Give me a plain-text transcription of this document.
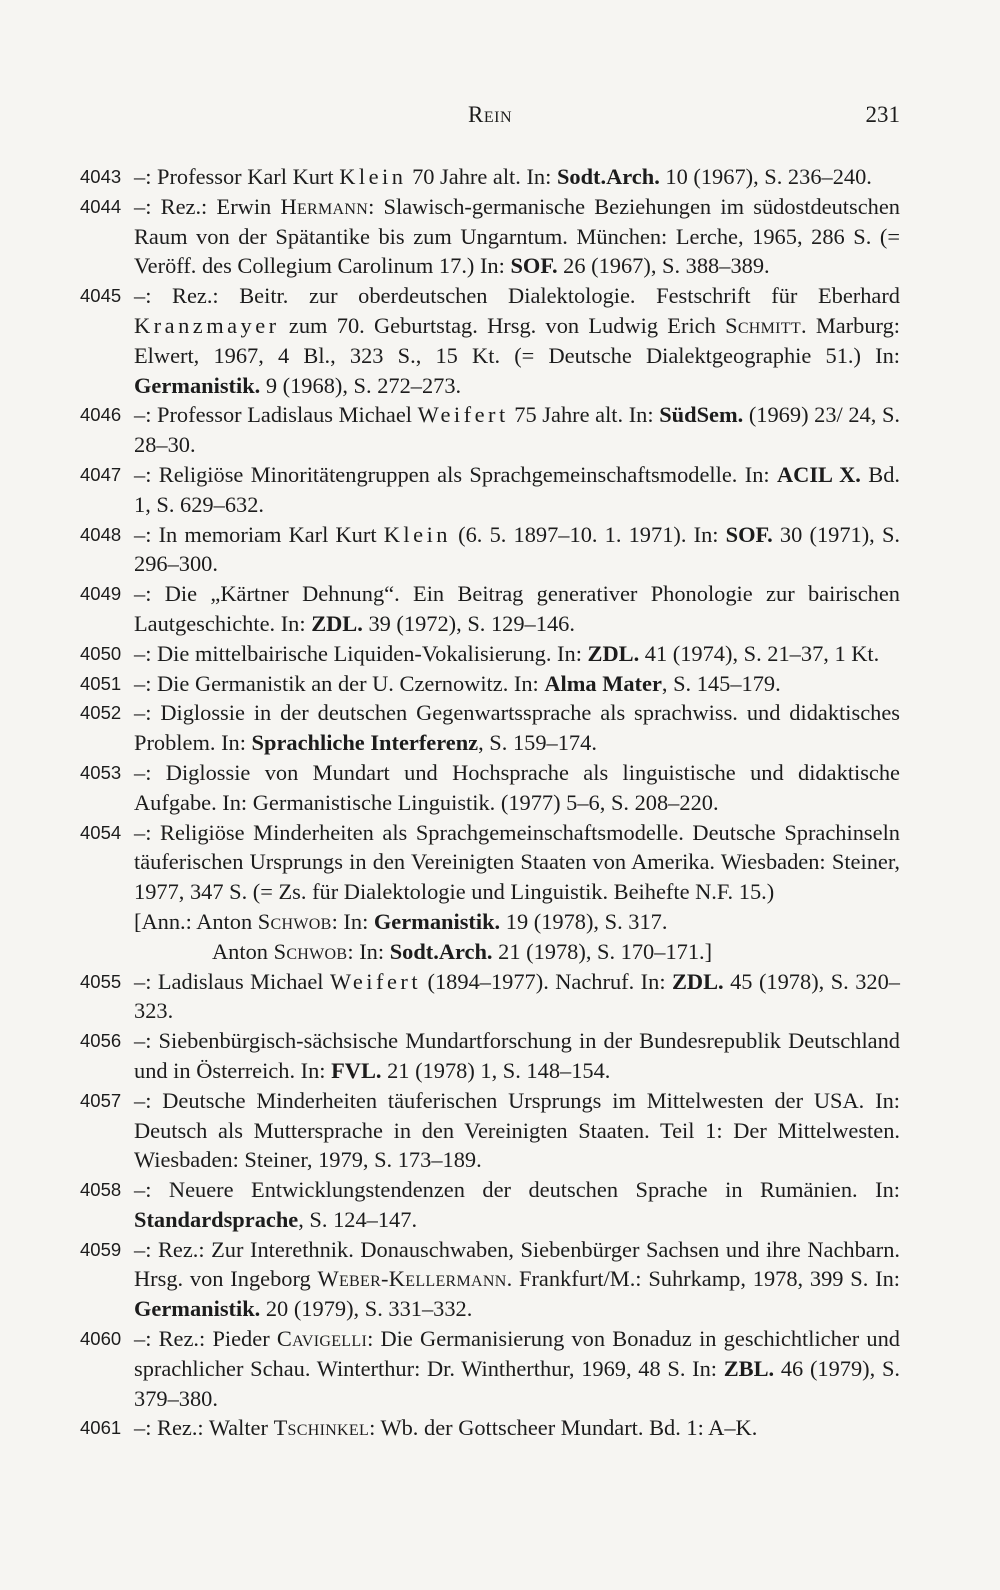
Rein	231
4043 –: Professor Karl Kurt Klein 70 Jahre alt. In: Sodt.Arch. 10 (1967), S. 236–240.
4044 –: Rez.: Erwin Hermann: Slawisch-germanische Beziehungen im südostdeutschen Raum von der Spätantike bis zum Ungarntum. München: Lerche, 1965, 286 S. (= Veröff. des Collegium Carolinum 17.) In: SOF. 26 (1967), S. 388–389.
4045 –: Rez.: Beitr. zur oberdeutschen Dialektologie. Festschrift für Eberhard Kranzmayer zum 70. Geburtstag. Hrsg. von Ludwig Erich Schmitt. Marburg: Elwert, 1967, 4 Bl., 323 S., 15 Kt. (= Deutsche Dialektgeographie 51.) In: Germanistik. 9 (1968), S. 272–273.
4046 –: Professor Ladislaus Michael Weifert 75 Jahre alt. In: SüdSem. (1969) 23/ 24, S. 28–30.
4047 –: Religiöse Minoritätengruppen als Sprachgemeinschaftsmodelle. In: ACIL X. Bd. 1, S. 629–632.
4048 –: In memoriam Karl Kurt Klein (6. 5. 1897–10. 1. 1971). In: SOF. 30 (1971), S. 296–300.
4049 –: Die „Kärtner Dehnung“. Ein Beitrag generativer Phonologie zur bairischen Lautgeschichte. In: ZDL. 39 (1972), S. 129–146.
4050 –: Die mittelbairische Liquiden-Vokalisierung. In: ZDL. 41 (1974), S. 21–37, 1 Kt.
4051 –: Die Germanistik an der U. Czernowitz. In: Alma Mater, S. 145–179.
4052 –: Diglossie in der deutschen Gegenwartssprache als sprachwiss. und didaktisches Problem. In: Sprachliche Interferenz, S. 159–174.
4053 –: Diglossie von Mundart und Hochsprache als linguistische und didaktische Aufgabe. In: Germanistische Linguistik. (1977) 5–6, S. 208–220.
4054 –: Religiöse Minderheiten als Sprachgemeinschaftsmodelle. Deutsche Sprachinseln täuferischen Ursprungs in den Vereinigten Staaten von Amerika. Wiesbaden: Steiner, 1977, 347 S. (= Zs. für Dialektologie und Linguistik. Beihefte N.F. 15.)
[Ann.: Anton Schwob: In: Germanistik. 19 (1978), S. 317.
Anton Schwob: In: Sodt.Arch. 21 (1978), S. 170–171.]
4055 –: Ladislaus Michael Weifert (1894–1977). Nachruf. In: ZDL. 45 (1978), S. 320–323.
4056 –: Siebenbürgisch-sächsische Mundartforschung in der Bundesrepublik Deutschland und in Österreich. In: FVL. 21 (1978) 1, S. 148–154.
4057 –: Deutsche Minderheiten täuferischen Ursprungs im Mittelwesten der USA. In: Deutsch als Muttersprache in den Vereinigten Staaten. Teil 1: Der Mittelwesten. Wiesbaden: Steiner, 1979, S. 173–189.
4058 –: Neuere Entwicklungstendenzen der deutschen Sprache in Rumänien. In: Standardsprache, S. 124–147.
4059 –: Rez.: Zur Interethnik. Donauschwaben, Siebenbürger Sachsen und ihre Nachbarn. Hrsg. von Ingeborg Weber-Kellermann. Frankfurt/M.: Suhrkamp, 1978, 399 S. In: Germanistik. 20 (1979), S. 331–332.
4060 –: Rez.: Pieder Cavigelli: Die Germanisierung von Bonaduz in geschichtlicher und sprachlicher Schau. Winterthur: Dr. Wintherthur, 1969, 48 S. In: ZBL. 46 (1979), S. 379–380.
4061 –: Rez.: Walter Tschinkel: Wb. der Gottscheer Mundart. Bd. 1: A–K.
